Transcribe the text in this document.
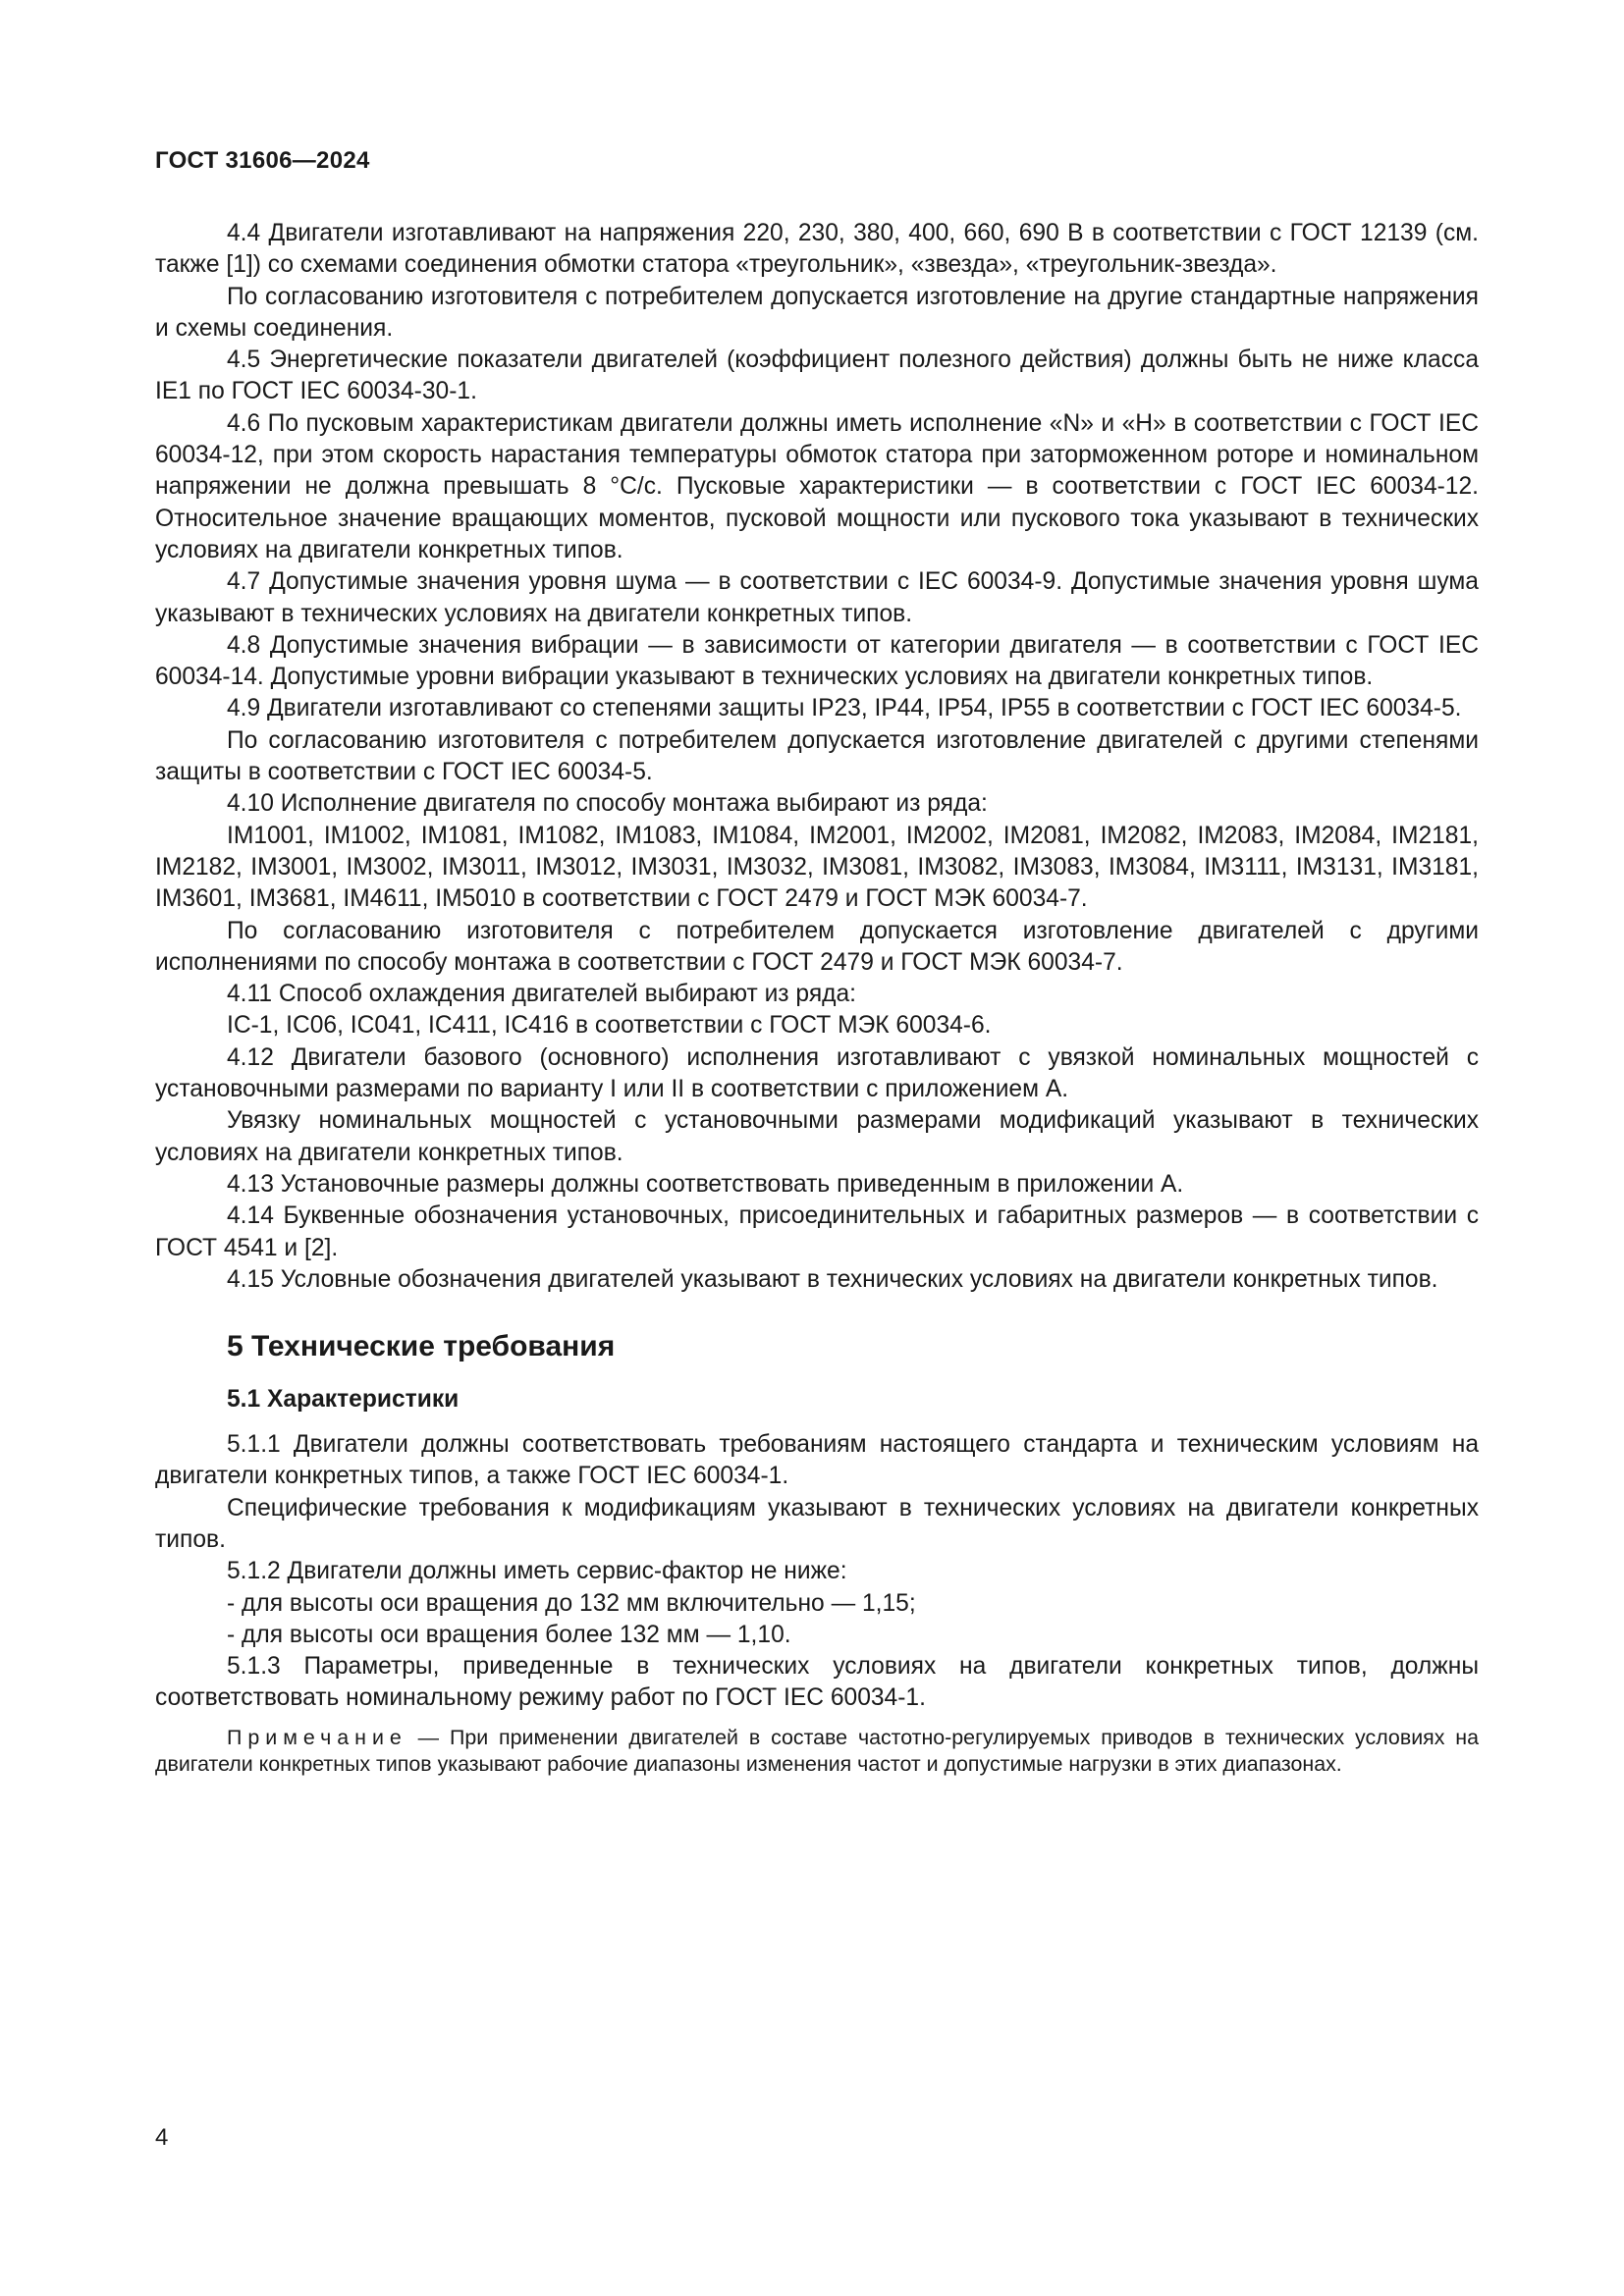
ГОСТ 31606—2024

4.4 Двигатели изготавливают на напряжения 220, 230, 380, 400, 660, 690 В в соответствии с ГОСТ 12139 (см. также [1]) со схемами соединения обмотки статора «треугольник», «звезда», «треугольник-звезда».

По согласованию изготовителя с потребителем допускается изготовление на другие стандартные напряжения и схемы соединения.

4.5 Энергетические показатели двигателей (коэффициент полезного действия) должны быть не ниже класса IE1 по ГОСТ IEC 60034-30-1.

4.6 По пусковым характеристикам двигатели должны иметь исполнение «N» и «H» в соответствии с ГОСТ IEC 60034-12, при этом скорость нарастания температуры обмоток статора при заторможенном роторе и номинальном напряжении не должна превышать 8 °C/c. Пусковые характеристики — в соответствии с ГОСТ IEC 60034-12. Относительное значение вращающих моментов, пусковой мощности или пускового тока указывают в технических условиях на двигатели конкретных типов.

4.7 Допустимые значения уровня шума — в соответствии с IEC 60034-9. Допустимые значения уровня шума указывают в технических условиях на двигатели конкретных типов.

4.8 Допустимые значения вибрации — в зависимости от категории двигателя — в соответствии с ГОСТ IEC 60034-14. Допустимые уровни вибрации указывают в технических условиях на двигатели конкретных типов.

4.9 Двигатели изготавливают со степенями защиты IP23, IP44, IP54, IP55 в соответствии с ГОСТ IEC 60034-5.

По согласованию изготовителя с потребителем допускается изготовление двигателей с другими степенями защиты в соответствии с ГОСТ IEC 60034-5.

4.10 Исполнение двигателя по способу монтажа выбирают из ряда:

IM1001, IM1002, IM1081, IM1082, IM1083, IM1084, IM2001, IM2002, IM2081, IM2082, IM2083, IM2084, IM2181, IM2182, IM3001, IM3002, IM3011, IM3012, IM3031, IM3032, IM3081, IM3082, IM3083, IM3084, IM3111, IM3131, IM3181, IM3601, IM3681, IM4611, IM5010 в соответствии с ГОСТ 2479 и ГОСТ МЭК 60034-7.

По согласованию изготовителя с потребителем допускается изготовление двигателей с другими исполнениями по способу монтажа в соответствии с ГОСТ 2479 и ГОСТ МЭК 60034-7.

4.11 Способ охлаждения двигателей выбирают из ряда:

IC-1, IC06, IC041, IC411, IC416 в соответствии с ГОСТ МЭК 60034-6.

4.12 Двигатели базового (основного) исполнения изготавливают с увязкой номинальных мощностей с установочными размерами по варианту I или II в соответствии с приложением А.

Увязку номинальных мощностей с установочными размерами модификаций указывают в технических условиях на двигатели конкретных типов.

4.13 Установочные размеры должны соответствовать приведенным в приложении А.

4.14 Буквенные обозначения установочных, присоединительных и габаритных размеров — в соответствии с ГОСТ 4541 и [2].

4.15 Условные обозначения двигателей указывают в технических условиях на двигатели конкретных типов.

5 Технические требования
5.1 Характеристики

5.1.1 Двигатели должны соответствовать требованиям настоящего стандарта и техническим условиям на двигатели конкретных типов, а также ГОСТ IEC 60034-1.

Специфические требования к модификациям указывают в технических условиях на двигатели конкретных типов.

5.1.2 Двигатели должны иметь сервис-фактор не ниже:

- для высоты оси вращения до 132 мм включительно — 1,15;

- для высоты оси вращения более 132 мм — 1,10.

5.1.3 Параметры, приведенные в технических условиях на двигатели конкретных типов, должны соответствовать номинальному режиму работ по ГОСТ IEC 60034-1.

Примечание — При применении двигателей в составе частотно-регулируемых приводов в технических условиях на двигатели конкретных типов указывают рабочие диапазоны изменения частот и допустимые нагрузки в этих диапазонах.
4
